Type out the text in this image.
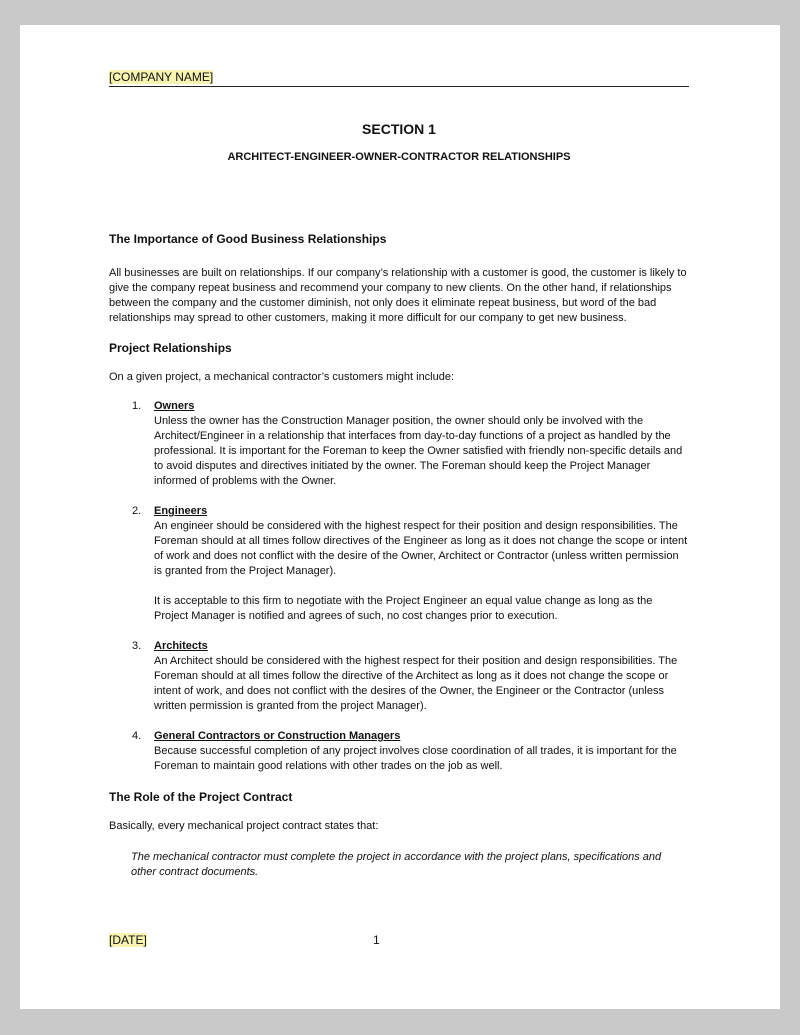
[COMPANY NAME]
SECTION 1
ARCHITECT-ENGINEER-OWNER-CONTRACTOR RELATIONSHIPS
The Importance of Good Business Relationships

All businesses are built on relationships. If our company’s relationship with a customer is good, the customer is likely to give the company repeat business and recommend your company to new clients. On the other hand, if relationships between the company and the customer diminish, not only does it eliminate repeat business, but word of the bad relationships may spread to other customers, making it more difficult for our company to get new business.

Project Relationships

On a given project, a mechanical contractor’s customers might include:

1. Owners

Unless the owner has the Construction Manager position, the owner should only be involved with the Architect/Engineer in a relationship that interfaces from day-to-day functions of a project as handled by the professional. It is important for the Foreman to keep the Owner satisfied with friendly non-specific details and to avoid disputes and directives initiated by the owner. The Foreman should keep the Project Manager informed of problems with the Owner.

2. Engineers

An engineer should be considered with the highest respect for their position and design responsibilities. The Foreman should at all times follow directives of the Engineer as long as it does not change the scope or intent of work and does not conflict with the desire of the Owner, Architect or Contractor (unless written permission is granted from the Project Manager).

It is acceptable to this firm to negotiate with the Project Engineer an equal value change as long as the Project Manager is notified and agrees of such, no cost changes prior to execution.

3. Architects

An Architect should be considered with the highest respect for their position and design responsibilities. The Foreman should at all times follow the directive of the Architect as long as it does not change the scope or intent of work, and does not conflict with the desires of the Owner, the Engineer or the Contractor (unless written permission is granted from the project Manager).

4. General Contractors or Construction Managers

Because successful completion of any project involves close coordination of all trades, it is important for the Foreman to maintain good relations with other trades on the job as well.

The Role of the Project Contract

Basically, every mechanical project contract states that:

The mechanical contractor must complete the project in accordance with the project plans, specifications and other contract documents.

[DATE]	1
